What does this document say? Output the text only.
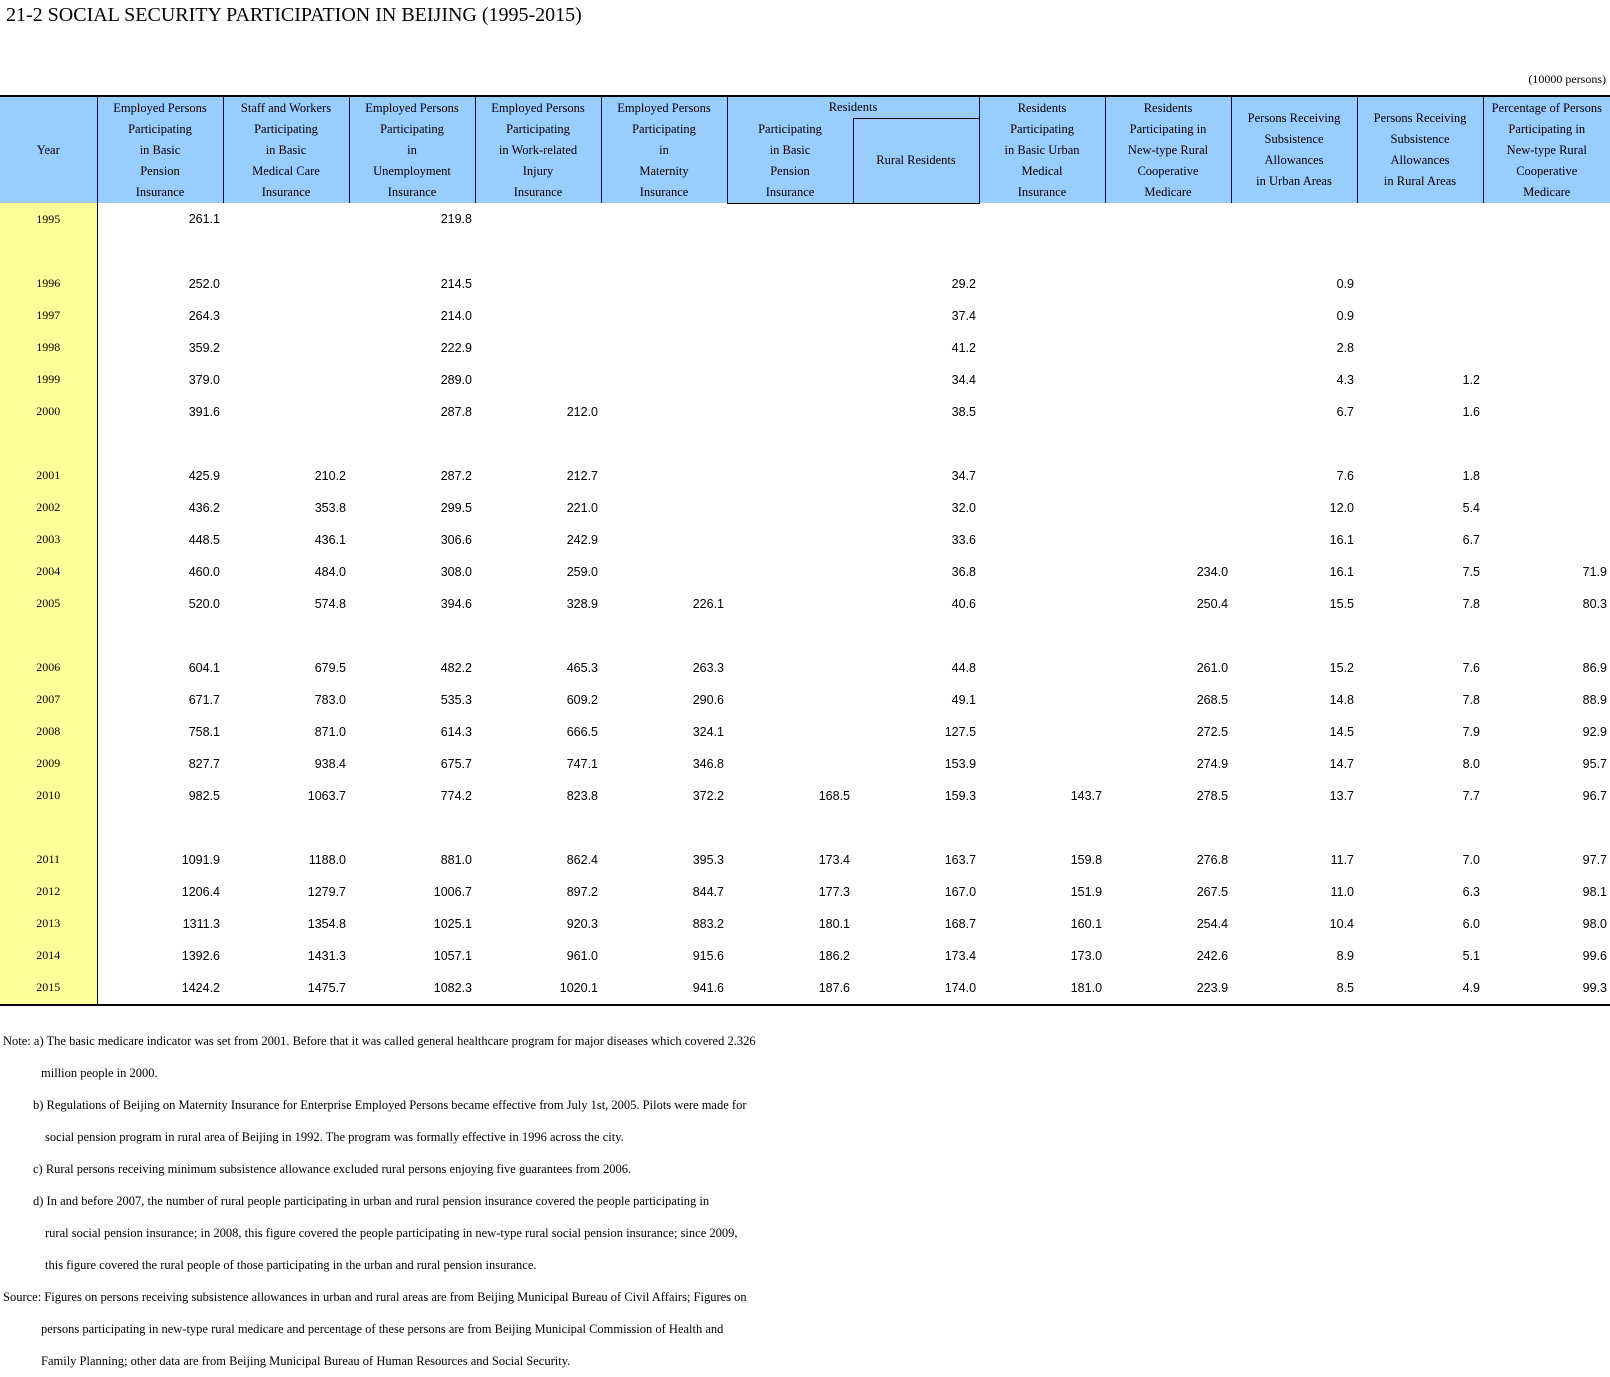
21-2 SOCIAL SECURITY PARTICIPATION IN BEIJING (1995-2015)
(10000 persons)
Year	Employed Persons
Participating
in Basic
Pension
Insurance	Staff and Workers
Participating
in Basic
Medical Care
Insurance	Employed Persons
Participating
in
Unemployment
Insurance	Employed Persons
Participating
in Work-related
Injury
Insurance	Employed Persons
Participating
in
Maternity
Insurance	Residents		Residents
Participating
in Basic Urban
Medical
Insurance	Residents
Participating in
New-type Rural
Cooperative
Medicare	Persons Receiving
Subsistence
Allowances
in Urban Areas	Persons Receiving
Subsistence
Allowances
in Rural Areas	Percentage of Persons
Participating in
New-type Rural
Cooperative
Medicare

						Participating
in Basic
Pension
Insurance	Rural Residents					
1995	261.1		219.8									

1996	252.0		214.5				29.2			0.9		
1997	264.3		214.0				37.4			0.9		
1998	359.2		222.9				41.2			2.8		
1999	379.0		289.0				34.4			4.3	1.2	
2000	391.6		287.8	212.0			38.5			6.7	1.6	

2001	425.9	210.2	287.2	212.7			34.7			7.6	1.8	
2002	436.2	353.8	299.5	221.0			32.0			12.0	5.4	
2003	448.5	436.1	306.6	242.9			33.6			16.1	6.7	
2004	460.0	484.0	308.0	259.0			36.8		234.0	16.1	7.5	71.9
2005	520.0	574.8	394.6	328.9	226.1		40.6		250.4	15.5	7.8	80.3

2006	604.1	679.5	482.2	465.3	263.3		44.8		261.0	15.2	7.6	86.9
2007	671.7	783.0	535.3	609.2	290.6		49.1		268.5	14.8	7.8	88.9
2008	758.1	871.0	614.3	666.5	324.1		127.5		272.5	14.5	7.9	92.9
2009	827.7	938.4	675.7	747.1	346.8		153.9		274.9	14.7	8.0	95.7
2010	982.5	1063.7	774.2	823.8	372.2	168.5	159.3	143.7	278.5	13.7	7.7	96.7

2011	1091.9	1188.0	881.0	862.4	395.3	173.4	163.7	159.8	276.8	11.7	7.0	97.7
2012	1206.4	1279.7	1006.7	897.2	844.7	177.3	167.0	151.9	267.5	11.0	6.3	98.1
2013	1311.3	1354.8	1025.1	920.3	883.2	180.1	168.7	160.1	254.4	10.4	6.0	98.0
2014	1392.6	1431.3	1057.1	961.0	915.6	186.2	173.4	173.0	242.6	8.9	5.1	99.6
2015	1424.2	1475.7	1082.3	1020.1	941.6	187.6	174.0	181.0	223.9	8.5	4.9	99.3
Note: a) The basic medicare indicator was set from 2001. Before that it was called general healthcare program for major diseases which covered 2.326
million people in 2000.
b) Regulations of Beijing on Maternity Insurance for Enterprise Employed Persons became effective from July 1st, 2005. Pilots were made for
social pension program in rural area of Beijing in 1992. The program was formally effective in 1996 across the city.
c) Rural persons receiving minimum subsistence allowance excluded rural persons enjoying five guarantees from 2006.
d) In and before 2007, the number of rural people participating in urban and rural pension insurance covered the people participating in
rural social pension insurance; in 2008, this figure covered the people participating in new-type rural social pension insurance; since 2009,
this figure covered the rural people of those participating in the urban and rural pension insurance.
Source: Figures on persons receiving subsistence allowances in urban and rural areas are from Beijing Municipal Bureau of Civil Affairs; Figures on
persons participating in new-type rural medicare and percentage of these persons are from Beijing Municipal Commission of Health and
Family Planning; other data are from Beijing Municipal Bureau of Human Resources and Social Security.
